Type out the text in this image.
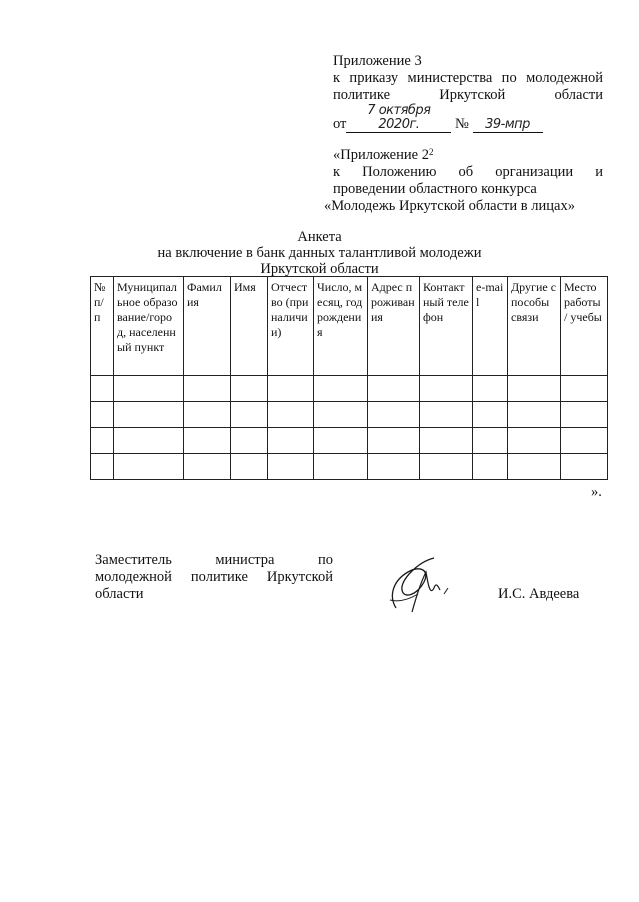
Приложение 3
к приказу министерства по молодежной
политике	Иркутской	области
от7 октября 2020г. № 39-мпр
«Приложение $2^2$
к Положению об организации и
проведении областного конкурса
«Молодежь Иркутской области в лицах»
Анкета
на включение в банк данных талантливой молодежи
Иркутской области
№ п/п	Муниципальное образование/город, населенный пункт	Фамилия	Имя	Отчество (при наличии)	Число, месяц, год рождения	Адрес проживания	Контактный телефон	e-mail	Другие способы связи	Место работы / учебы

».
Заместитель	министра	по
молодежной политике Иркутской
области	И.С. Авдеева
